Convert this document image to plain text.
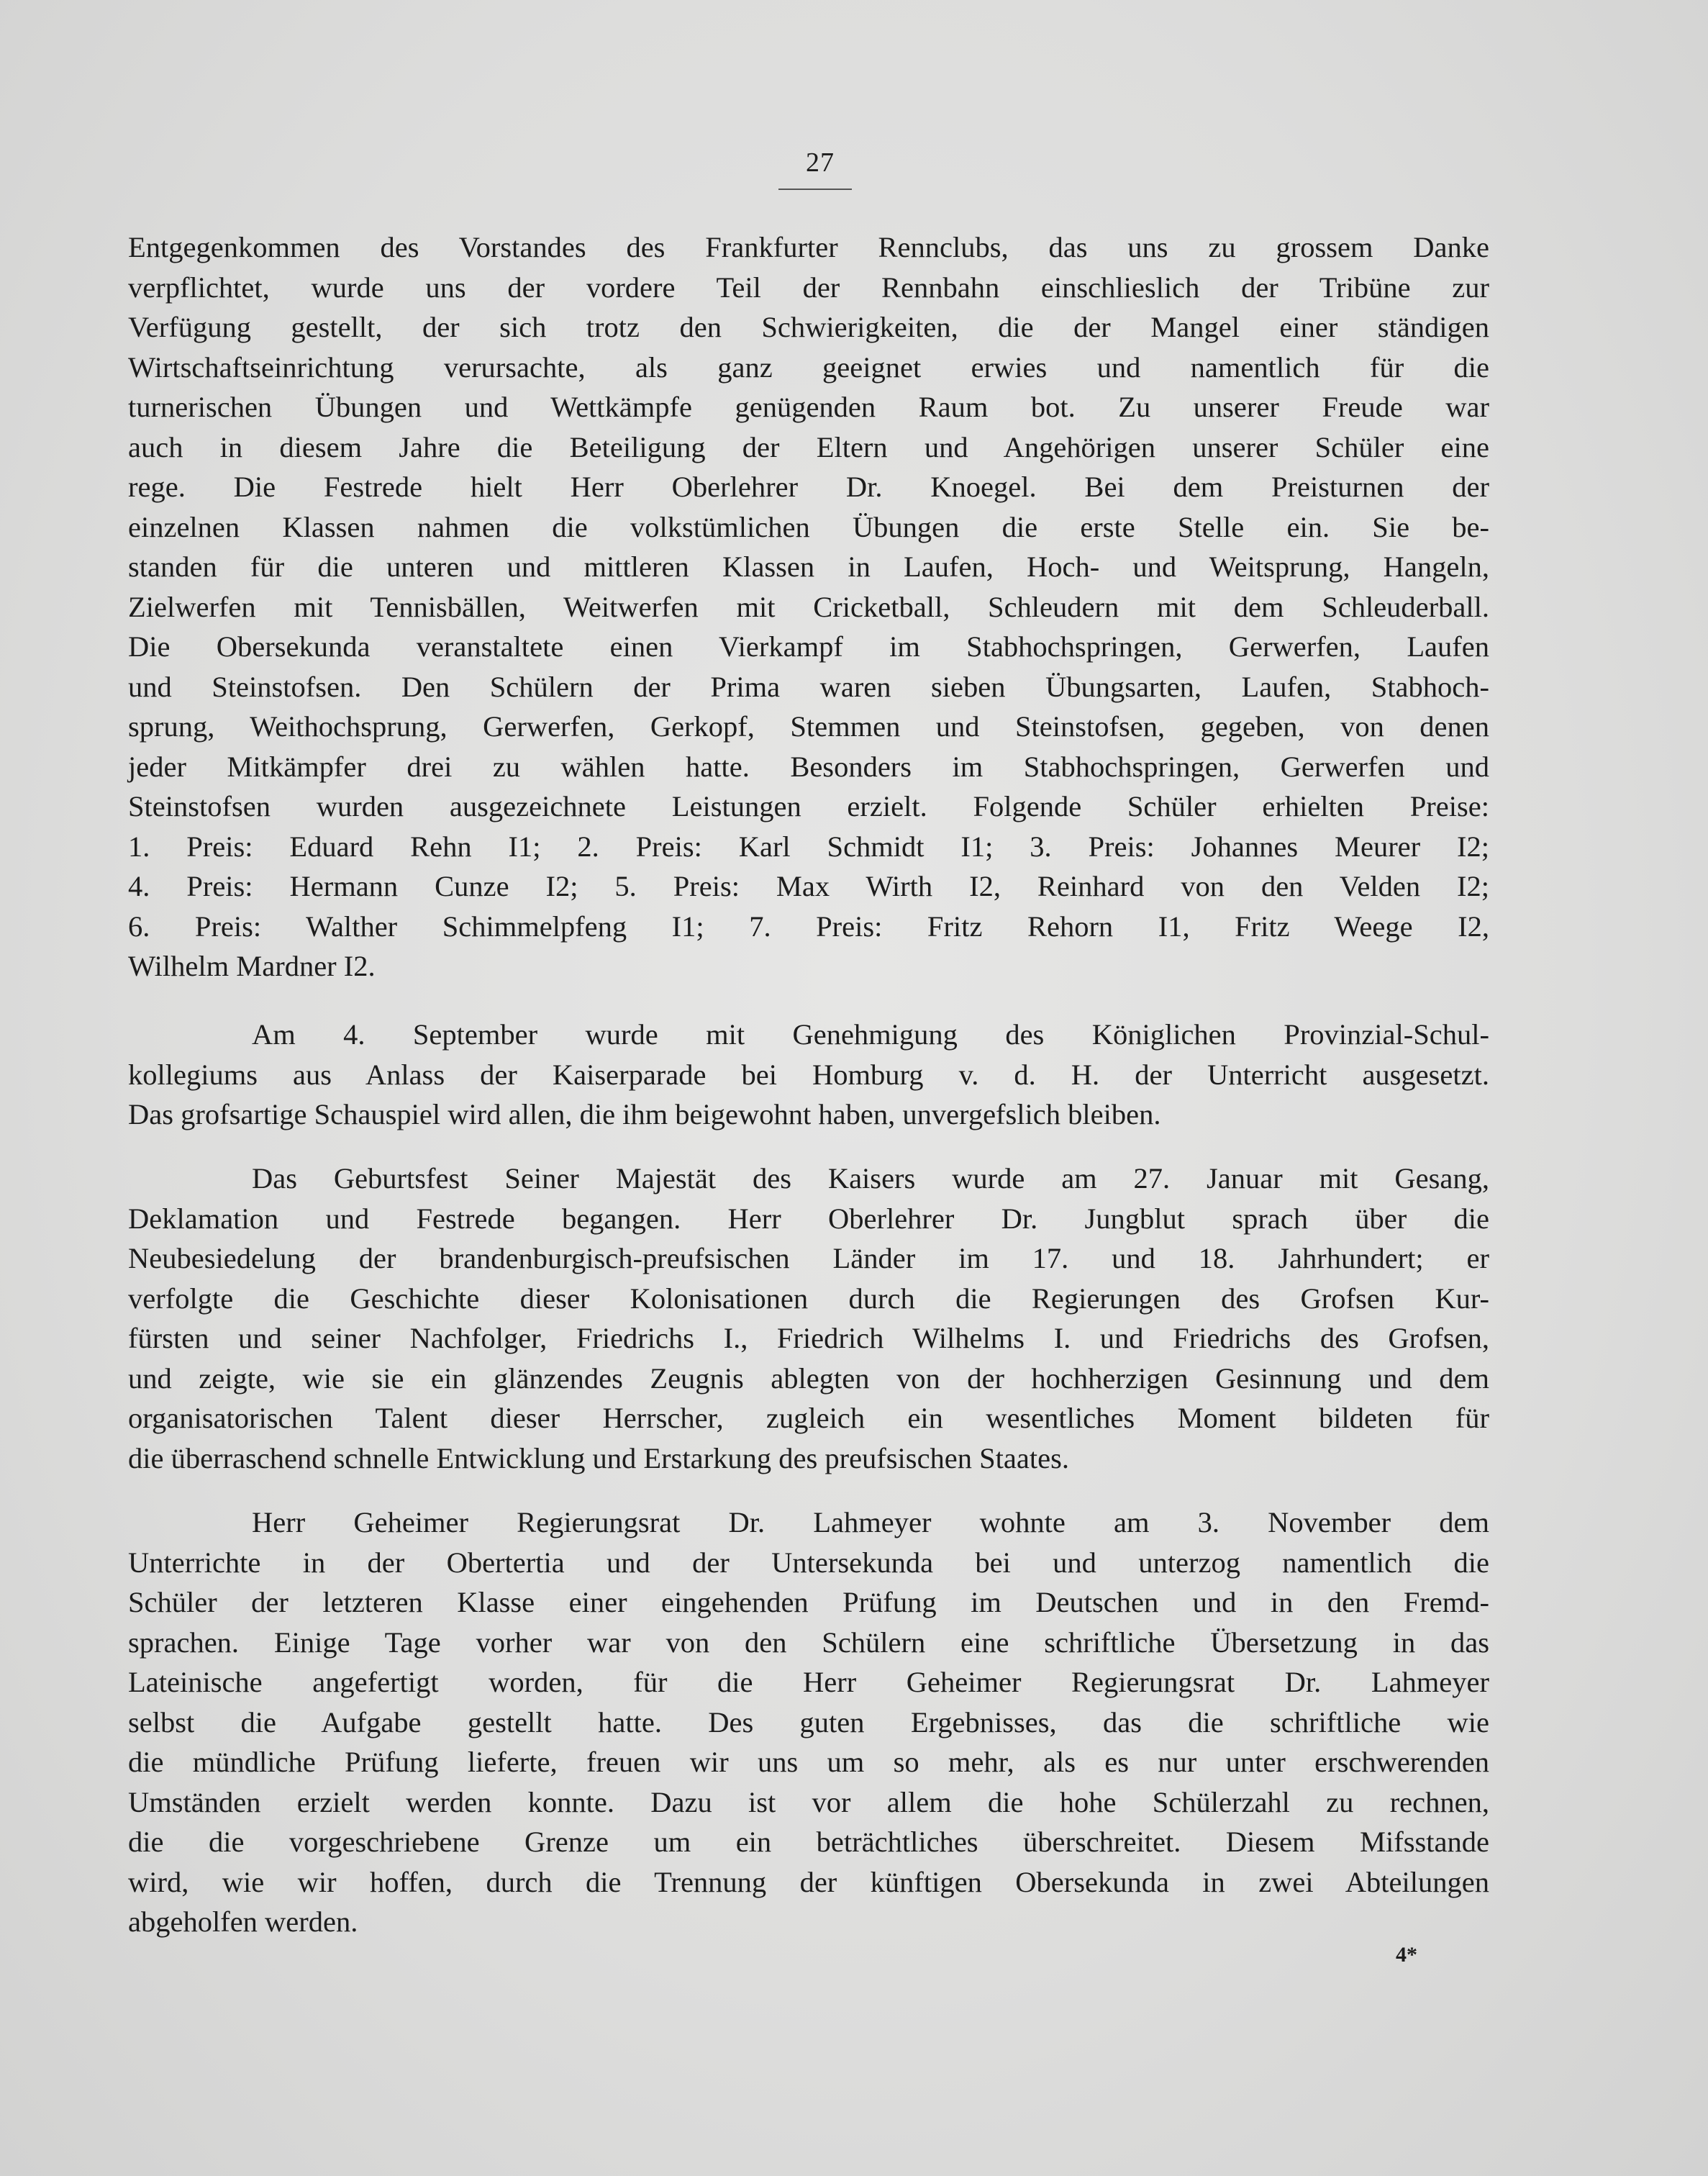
27
Entgegenkommen des Vorstandes des Frankfurter Rennclubs, das uns zu grossem Danke
verpflichtet, wurde uns der vordere Teil der Rennbahn einschlieslich der Tribüne zur
Verfügung gestellt, der sich trotz den Schwierigkeiten, die der Mangel einer ständigen
Wirtschaftseinrichtung verursachte, als ganz geeignet erwies und namentlich für die
turnerischen Übungen und Wettkämpfe genügenden Raum bot. Zu unserer Freude war
auch in diesem Jahre die Beteiligung der Eltern und Angehörigen unserer Schüler eine
rege. Die Festrede hielt Herr Oberlehrer Dr. Knoegel. Bei dem Preisturnen der
einzelnen Klassen nahmen die volkstümlichen Übungen die erste Stelle ein. Sie be-
standen für die unteren und mittleren Klassen in Laufen, Hoch- und Weitsprung, Hangeln,
Zielwerfen mit Tennisbällen, Weitwerfen mit Cricketball, Schleudern mit dem Schleuderball.
Die Obersekunda veranstaltete einen Vierkampf im Stabhochspringen, Gerwerfen, Laufen
und Steinstofsen. Den Schülern der Prima waren sieben Übungsarten, Laufen, Stabhoch-
sprung, Weithochsprung, Gerwerfen, Gerkopf, Stemmen und Steinstofsen, gegeben, von denen
jeder Mitkämpfer drei zu wählen hatte. Besonders im Stabhochspringen, Gerwerfen und
Steinstofsen wurden ausgezeichnete Leistungen erzielt. Folgende Schüler erhielten Preise:
1. Preis: Eduard Rehn I1; 2. Preis: Karl Schmidt I1; 3. Preis: Johannes Meurer I2;
4. Preis: Hermann Cunze I2; 5. Preis: Max Wirth I2, Reinhard von den Velden I2;
6. Preis: Walther Schimmelpfeng I1; 7. Preis: Fritz Rehorn I1, Fritz Weege I2,
Wilhelm Mardner I2.
Am 4. September wurde mit Genehmigung des Königlichen Provinzial-Schul-
kollegiums aus Anlass der Kaiserparade bei Homburg v. d. H. der Unterricht ausgesetzt.
Das grofsartige Schauspiel wird allen, die ihm beigewohnt haben, unvergefslich bleiben.
Das Geburtsfest Seiner Majestät des Kaisers wurde am 27. Januar mit Gesang,
Deklamation und Festrede begangen. Herr Oberlehrer Dr. Jungblut sprach über die
Neubesiedelung der brandenburgisch-preufsischen Länder im 17. und 18. Jahrhundert; er
verfolgte die Geschichte dieser Kolonisationen durch die Regierungen des Grofsen Kur-
fürsten und seiner Nachfolger, Friedrichs I., Friedrich Wilhelms I. und Friedrichs des Grofsen,
und zeigte, wie sie ein glänzendes Zeugnis ablegten von der hochherzigen Gesinnung und dem
organisatorischen Talent dieser Herrscher, zugleich ein wesentliches Moment bildeten für
die überraschend schnelle Entwicklung und Erstarkung des preufsischen Staates.
Herr Geheimer Regierungsrat Dr. Lahmeyer wohnte am 3. November dem
Unterrichte in der Obertertia und der Untersekunda bei und unterzog namentlich die
Schüler der letzteren Klasse einer eingehenden Prüfung im Deutschen und in den Fremd-
sprachen. Einige Tage vorher war von den Schülern eine schriftliche Übersetzung in das
Lateinische angefertigt worden, für die Herr Geheimer Regierungsrat Dr. Lahmeyer
selbst die Aufgabe gestellt hatte. Des guten Ergebnisses, das die schriftliche wie
die mündliche Prüfung lieferte, freuen wir uns um so mehr, als es nur unter erschwerenden
Umständen erzielt werden konnte. Dazu ist vor allem die hohe Schülerzahl zu rechnen,
die die vorgeschriebene Grenze um ein beträchtliches überschreitet. Diesem Mifsstande
wird, wie wir hoffen, durch die Trennung der künftigen Obersekunda in zwei Abteilungen
abgeholfen werden.
4*
